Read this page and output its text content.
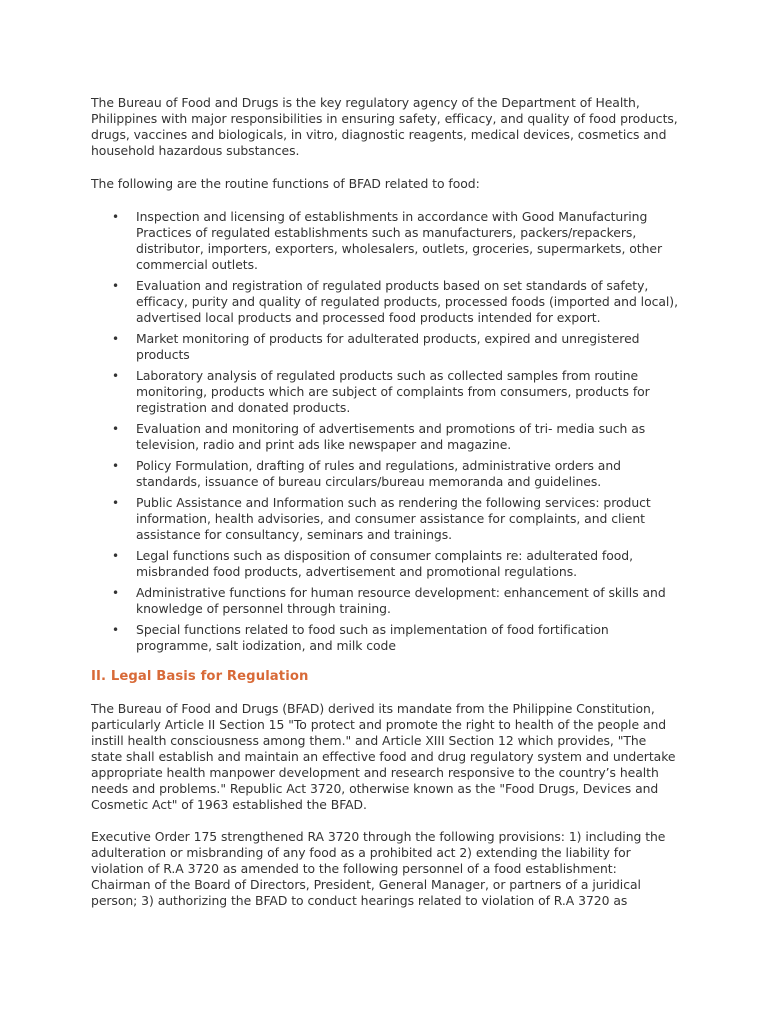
The Bureau of Food and Drugs is the key regulatory agency of the Department of Health, Philippines with major responsibilities in ensuring safety, efficacy, and quality of food products, drugs, vaccines and biologicals, in vitro, diagnostic reagents, medical devices, cosmetics and household hazardous substances.

The following are the routine functions of BFAD related to food:

• Inspection and licensing of establishments in accordance with Good Manufacturing Practices of regulated establishments such as manufacturers, packers/repackers, distributor, importers, exporters, wholesalers, outlets, groceries, supermarkets, other commercial outlets.
• Evaluation and registration of regulated products based on set standards of safety, efficacy, purity and quality of regulated products, processed foods (imported and local), advertised local products and processed food products intended for export.
• Market monitoring of products for adulterated products, expired and unregistered products
• Laboratory analysis of regulated products such as collected samples from routine monitoring, products which are subject of complaints from consumers, products for registration and donated products.
• Evaluation and monitoring of advertisements and promotions of tri- media such as television, radio and print ads like newspaper and magazine.
• Policy Formulation, drafting of rules and regulations, administrative orders and standards, issuance of bureau circulars/bureau memoranda and guidelines.
• Public Assistance and Information such as rendering the following services: product information, health advisories, and consumer assistance for complaints, and client assistance for consultancy, seminars and trainings.
• Legal functions such as disposition of consumer complaints re: adulterated food, misbranded food products, advertisement and promotional regulations.
• Administrative functions for human resource development: enhancement of skills and knowledge of personnel through training.
• Special functions related to food such as implementation of food fortification programme, salt iodization, and milk code
II. Legal Basis for Regulation

The Bureau of Food and Drugs (BFAD) derived its mandate from the Philippine Constitution, particularly Article II Section 15 "To protect and promote the right to health of the people and instill health consciousness among them." and Article XIII Section 12 which provides, "The state shall establish and maintain an effective food and drug regulatory system and undertake appropriate health manpower development and research responsive to the country’s health needs and problems." Republic Act 3720, otherwise known as the "Food Drugs, Devices and Cosmetic Act" of 1963 established the BFAD.

Executive Order 175 strengthened RA 3720 through the following provisions: 1) including the adulteration or misbranding of any food as a prohibited act 2) extending the liability for violation of R.A 3720 as amended to the following personnel of a food establishment: Chairman of the Board of Directors, President, General Manager, or partners of a juridical person; 3) authorizing the BFAD to conduct hearings related to violation of R.A 3720 as
